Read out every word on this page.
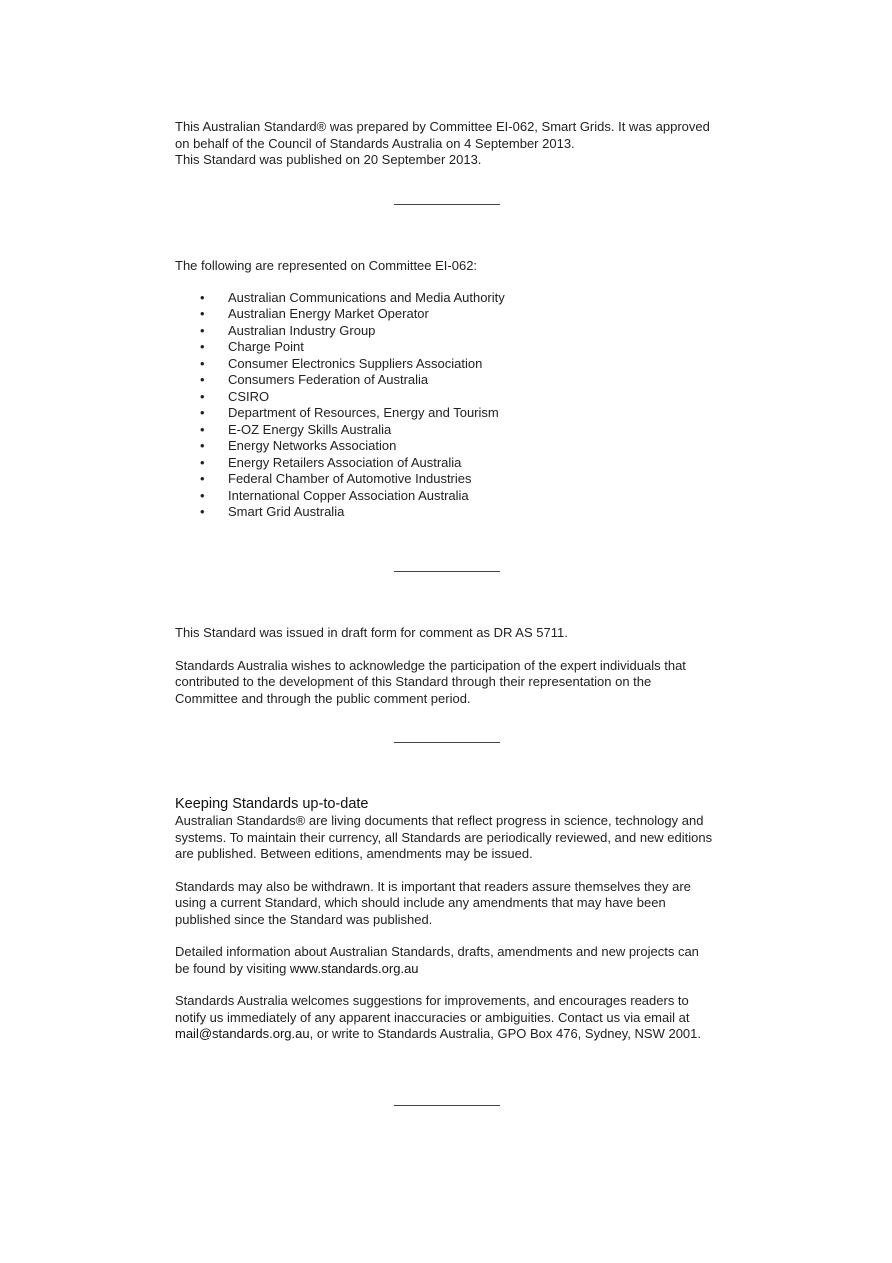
This Australian Standard® was prepared by Committee EI-062, Smart Grids. It was approved

on behalf of the Council of Standards Australia on 4 September 2013.

This Standard was published on 20 September 2013.

The following are represented on Committee EI-062:

• Australian Communications and Media Authority
• Australian Energy Market Operator
• Australian Industry Group
• Charge Point
• Consumer Electronics Suppliers Association
• Consumers Federation of Australia
• CSIRO
• Department of Resources, Energy and Tourism
• E-OZ Energy Skills Australia
• Energy Networks Association
• Energy Retailers Association of Australia
• Federal Chamber of Automotive Industries
• International Copper Association Australia
• Smart Grid Australia

This Standard was issued in draft form for comment as DR AS 5711.

Standards Australia wishes to acknowledge the participation of the expert individuals that

contributed to the development of this Standard through their representation on the

Committee and through the public comment period.

Keeping Standards up-to-date

Australian Standards® are living documents that reflect progress in science, technology and

systems. To maintain their currency, all Standards are periodically reviewed, and new editions

are published. Between editions, amendments may be issued.

Standards may also be withdrawn. It is important that readers assure themselves they are

using a current Standard, which should include any amendments that may have been

published since the Standard was published.

Detailed information about Australian Standards, drafts, amendments and new projects can

be found by visiting www.standards.org.au

Standards Australia welcomes suggestions for improvements, and encourages readers to

notify us immediately of any apparent inaccuracies or ambiguities. Contact us via email at

mail@standards.org.au, or write to Standards Australia, GPO Box 476, Sydney, NSW 2001.
